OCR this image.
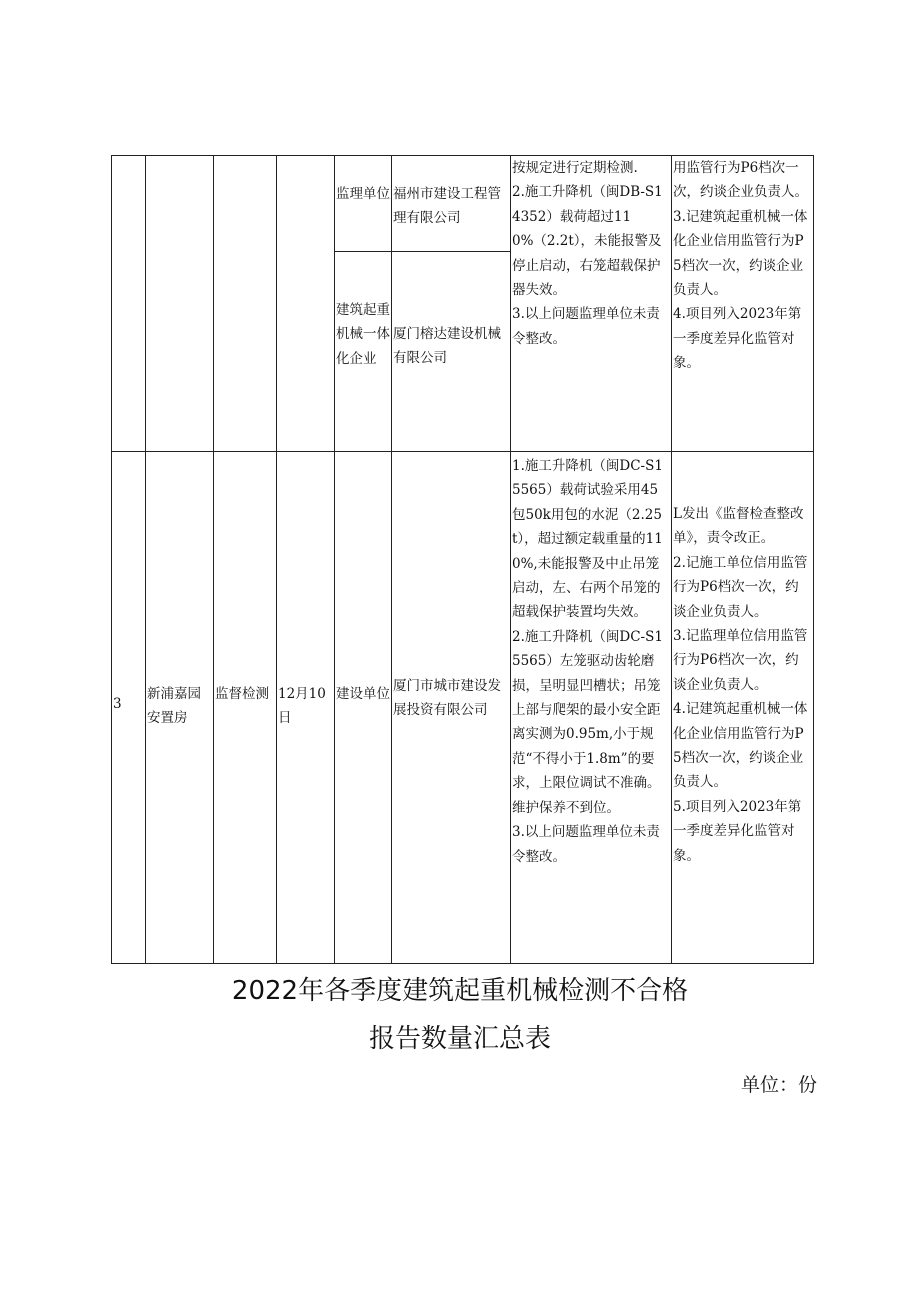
				监理单位	福州市建设工程管理有限公司	按规定进行定期检测.
2.施工升降机（闽DB-S14352）载荷超过110%（2.2t），未能报警及停止启动，右笼超载保护器失效。
3.以上问题监理单位未责令整改。	用监管行为P6档次一次，约谈企业负责人。
3.记建筑起重机械一体化企业信用监管行为P5档次一次，约谈企业负责人。
4.项目列入2023年第一季度差异化监管对象。
				建筑起重机械一体化企业	厦门榕达建设机械有限公司		
3	新浦嘉园安置房	监督检测	12月10日	建设单位	厦门市城市建设发展投资有限公司	1.施工升降机（闽DC-S15565）载荷试验采用45包50k用包的水泥（2.25t），超过额定载重量的110%,未能报警及中止吊笼启动，左、右两个吊笼的超载保护装置均失效。
2.施工升降机（闽DC-S15565）左笼驱动齿轮磨损，呈明显凹槽状；吊笼上部与爬架的最小安全距离实测为0.95m,小于规范“不得小于1.8m”的要求，上限位调试不准确。维护保养不到位。
3.以上问题监理单位未责令整改。	L发出《监督检查整改单》，责令改正。
2.记施工单位信用监管行为P6档次一次，约谈企业负责人。
3.记监理单位信用监管行为P6档次一次，约谈企业负责人。
4.记建筑起重机械一体化企业信用监管行为P5档次一次，约谈企业负责人。
5.项目列入2023年第一季度差异化监管对象。
2022年各季度建筑起重机械检测不合格
报告数量汇总表
单位：份
